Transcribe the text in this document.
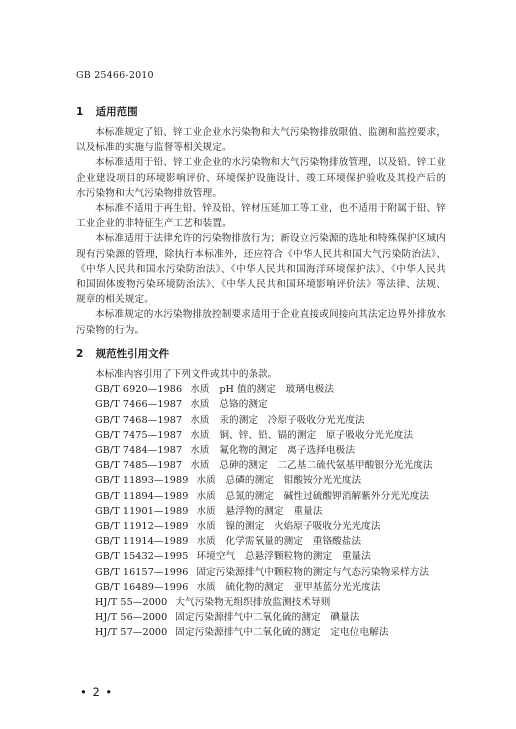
GB 25466-2010
1 适用范围

本标准规定了铅、锌工业企业水污染物和大气污染物排放限值、监测和监控要求，以及标准的实施与监督等相关规定。

本标准适用于铅、锌工业企业的水污染物和大气污染物排放管理，以及铅、锌工业企业建设项目的环境影响评价、环境保护设施设计、竣工环境保护验收及其投产后的水污染物和大气污染物排放管理。

本标准不适用于再生铅、锌及铅、锌材压延加工等工业，也不适用于附属于铅、锌工业企业的非特征生产工艺和装置。

本标准适用于法律允许的污染物排放行为；新设立污染源的选址和特殊保护区域内现有污染源的管理，除执行本标准外，还应符合《中华人民共和国大气污染防治法》、《中华人民共和国水污染防治法》、《中华人民共和国海洋环境保护法》、《中华人民共和国固体废物污染环境防治法》、《中华人民共和国环境影响评价法》等法律、法规、规章的相关规定。

本标准规定的水污染物排放控制要求适用于企业直接或间接向其法定边界外排放水污染物的行为。

2 规范性引用文件

本标准内容引用了下列文件或其中的条款。

GB/T 6920—1986 水质　pH 值的测定　玻璃电极法
GB/T 7466—1987 水质　总铬的测定
GB/T 7468—1987 水质　汞的测定　冷原子吸收分光光度法
GB/T 7475—1987 水质　铜、锌、铅、镉的测定　原子吸收分光光度法
GB/T 7484—1987 水质　氟化物的测定　离子选择电极法
GB/T 7485—1987 水质　总砷的测定　二乙基二硫代氨基甲酸银分光光度法
GB/T 11893—1989 水质　总磷的测定　钼酸铵分光光度法
GB/T 11894—1989 水质　总氮的测定　碱性过硫酸钾消解紫外分光光度法
GB/T 11901—1989 水质　悬浮物的测定　重量法
GB/T 11912—1989 水质　镍的测定　火焰原子吸收分光光度法
GB/T 11914—1989 水质　化学需氧量的测定　重铬酸盐法
GB/T 15432—1995 环境空气　总悬浮颗粒物的测定　重量法
GB/T 16157—1996 固定污染源排气中颗粒物的测定与气态污染物采样方法
GB/T 16489—1996 水质　硫化物的测定　亚甲基蓝分光光度法
HJ/T 55—2000 大气污染物无组织排放监测技术导则
HJ/T 56—2000 固定污染源排气中二氧化硫的测定　碘量法
HJ/T 57—2000 固定污染源排气中二氧化硫的测定　定电位电解法
• 2 •
